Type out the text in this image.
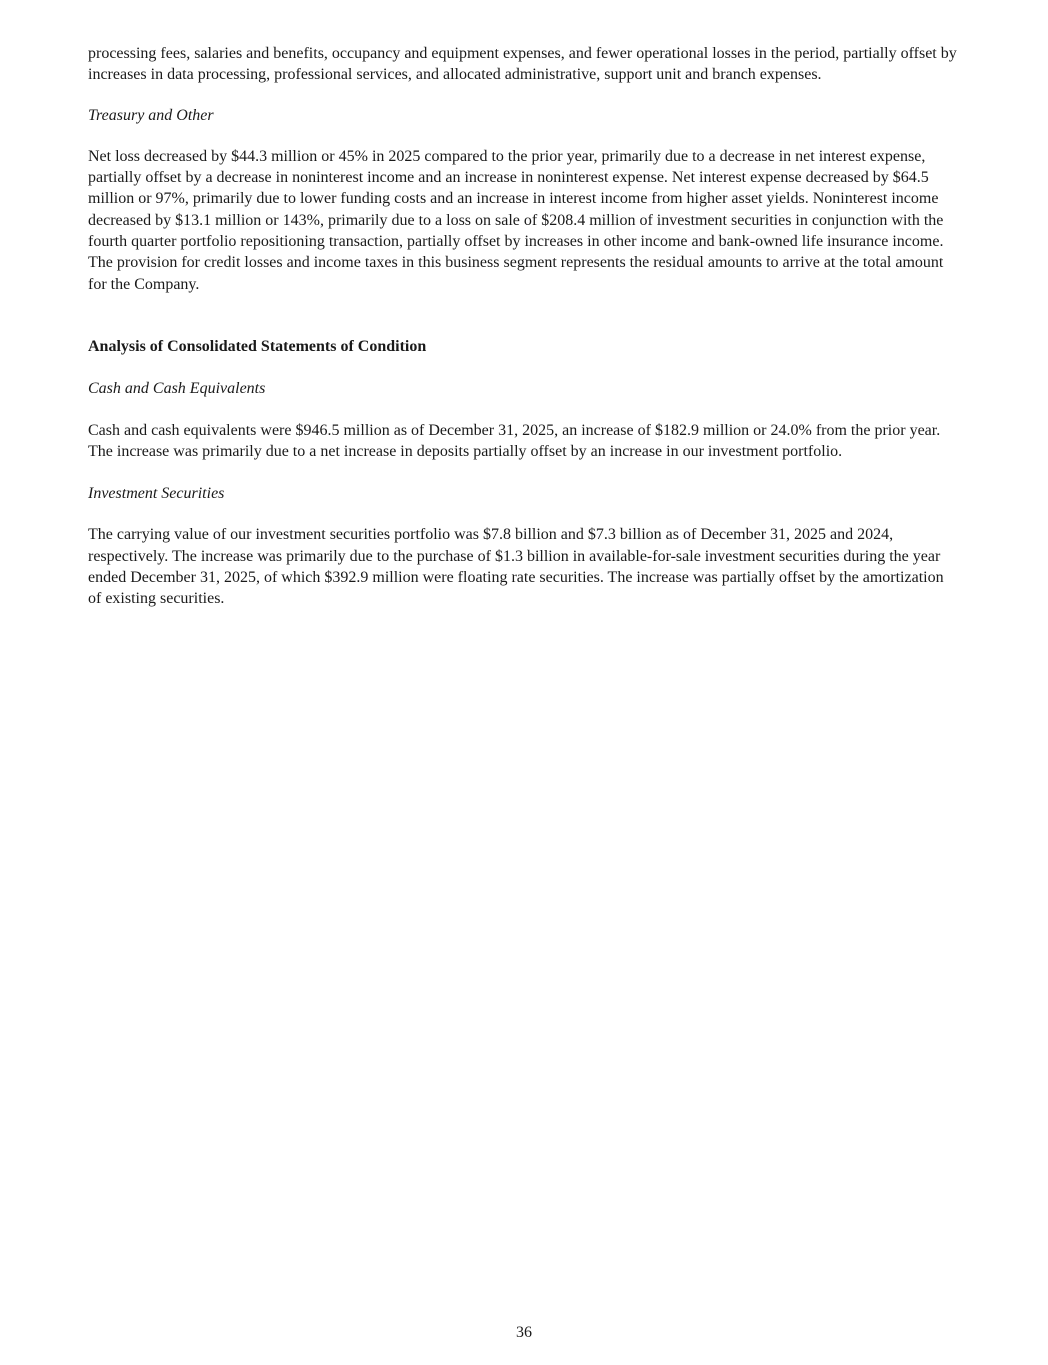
processing fees, salaries and benefits, occupancy and equipment expenses, and fewer operational losses in the period, partially offset by increases in data processing, professional services, and allocated administrative, support unit and branch expenses.

Treasury and Other

Net loss decreased by $44.3 million or 45% in 2025 compared to the prior year, primarily due to a decrease in net interest expense, partially offset by a decrease in noninterest income and an increase in noninterest expense. Net interest expense decreased by $64.5 million or 97%, primarily due to lower funding costs and an increase in interest income from higher asset yields. Noninterest income decreased by $13.1 million or 143%, primarily due to a loss on sale of $208.4 million of investment securities in conjunction with the fourth quarter portfolio repositioning transaction, partially offset by increases in other income and bank-owned life insurance income. The provision for credit losses and income taxes in this business segment represents the residual amounts to arrive at the total amount for the Company.

Analysis of Consolidated Statements of Condition

Cash and Cash Equivalents

Cash and cash equivalents were $946.5 million as of December 31, 2025, an increase of $182.9 million or 24.0% from the prior year. The increase was primarily due to a net increase in deposits partially offset by an increase in our investment portfolio.

Investment Securities

The carrying value of our investment securities portfolio was $7.8 billion and $7.3 billion as of December 31, 2025 and 2024, respectively. The increase was primarily due to the purchase of $1.3 billion in available-for-sale investment securities during the year ended December 31, 2025, of which $392.9 million were floating rate securities. The increase was partially offset by the amortization of existing securities.

36
